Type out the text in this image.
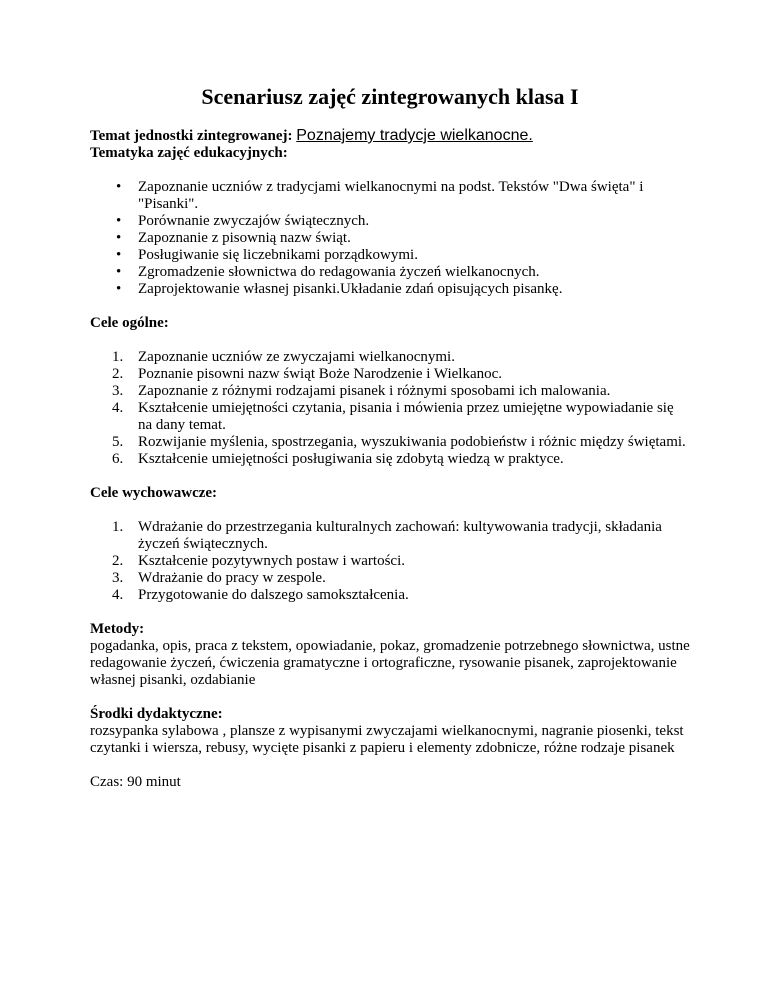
Scenariusz zajęć zintegrowanych klasa I

Temat jednostki zintegrowanej: Poznajemy tradycje wielkanocne.

Tematyka zajęć edukacyjnych:

• Zapoznanie uczniów z tradycjami wielkanocnymi na podst. Tekstów "Dwa święta" i "Pisanki".
• Porównanie zwyczajów świątecznych.
• Zapoznanie z pisownią nazw świąt.
• Posługiwanie się liczebnikami porządkowymi.
• Zgromadzenie słownictwa do redagowania życzeń wielkanocnych.
• Zaprojektowanie własnej pisanki.Układanie zdań opisujących pisankę.

Cele ogólne:

1. Zapoznanie uczniów ze zwyczajami wielkanocnymi.
2. Poznanie pisowni nazw świąt Boże Narodzenie i Wielkanoc.
3. Zapoznanie z różnymi rodzajami pisanek i różnymi sposobami ich malowania.
4. Kształcenie umiejętności czytania, pisania i mówienia przez umiejętne wypowiadanie się na dany temat.
5. Rozwijanie myślenia, spostrzegania, wyszukiwania podobieństw i różnic między świętami.
6. Kształcenie umiejętności posługiwania się zdobytą wiedzą w praktyce.

Cele wychowawcze:

1. Wdrażanie do przestrzegania kulturalnych zachowań: kultywowania tradycji, składania życzeń świątecznych.
2. Kształcenie pozytywnych postaw i wartości.
3. Wdrażanie do pracy w zespole.
4. Przygotowanie do dalszego samokształcenia.

Metody:

pogadanka, opis, praca z tekstem, opowiadanie, pokaz, gromadzenie potrzebnego słownictwa, ustne redagowanie życzeń, ćwiczenia gramatyczne i ortograficzne, rysowanie pisanek, zaprojektowanie własnej pisanki, ozdabianie

Środki dydaktyczne:

rozsypanka sylabowa , plansze z wypisanymi zwyczajami wielkanocnymi, nagranie piosenki, tekst czytanki i wiersza, rebusy, wycięte pisanki z papieru i elementy zdobnicze, różne rodzaje pisanek

Czas: 90 minut
